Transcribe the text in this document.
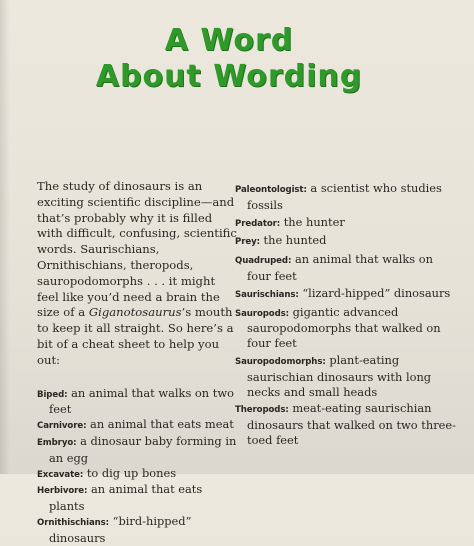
A Word
About Wording

The study of dinosaurs is an exciting scientific discipline—and that’s probably why it is filled with difficult, confusing, scientific words. Saurischians, Ornithischians, theropods, sauropodomorphs . . . it might feel like you’d need a brain the size of a Giganotosaurus’s mouth to keep it all straight. So here’s a bit of a cheat sheet to help you out:

Biped: an animal that walks on two feet
Carnivore: an animal that eats meat
Embryo: a dinosaur baby forming in an egg
Excavate: to dig up bones
Herbivore: an animal that eats plants
Ornithischians: “bird-hipped” dinosaurs
Paleontologist: a scientist who studies fossils
Predator: the hunter
Prey: the hunted
Quadruped: an animal that walks on four feet
Saurischians: “lizard-hipped” dinosaurs
Sauropods: gigantic advanced sauropodomorphs that walked on four feet
Sauropodomorphs: plant-eating saurischian dinosaurs with long necks and small heads
Theropods: meat-eating saurischian dinosaurs that walked on two three-toed feet
